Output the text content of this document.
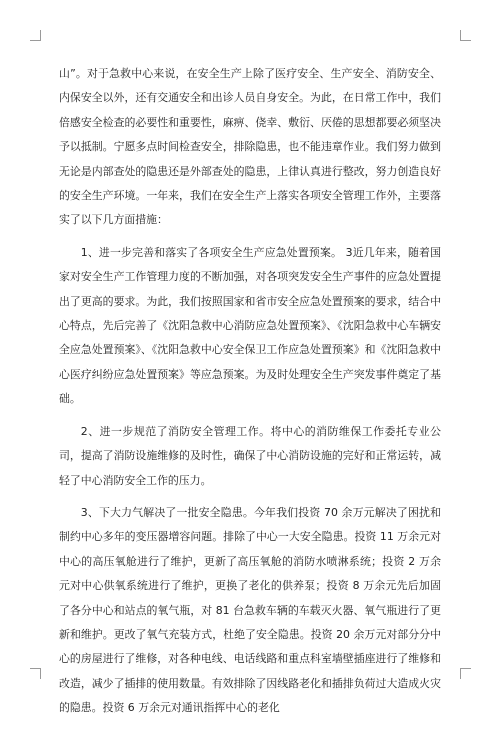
山”。对于急救中心来说，在安全生产上除了医疗安全、生产安全、消防安全、内保安全以外，还有交通安全和出诊人员自身安全。为此，在日常工作中，我们倍感安全检查的必要性和重要性，麻痹、侥幸、敷衍、厌倦的思想都要必须坚决予以抵制。宁愿多点时间检查安全，排除隐患，也不能违章作业。我们努力做到无论是内部查处的隐患还是外部查处的隐患，上律认真进行整改，努力创造良好的安全生产环境。一年来，我们在安全生产上落实各项安全管理工作外，主要落实了以下几方面措施：

1、进一步完善和落实了各项安全生产应急处置预案。 3近几年来，随着国家对安全生产工作管理力度的不断加强，对各项突发安全生产事件的应急处置提出了更高的要求。为此，我们按照国家和省市安全应急处置预案的要求，结合中心特点，先后完善了《沈阳急救中心消防应急处置预案》、《沈阳急救中心车辆安全应急处置预案》、《沈阳急救中心安全保卫工作应急处置预案》和《沈阳急救中心医疗纠纷应急处置预案》等应急预案。为及时处理安全生产突发事件奠定了基础。

2、进一步规范了消防安全管理工作。将中心的消防维保工作委托专业公司，提高了消防设施维修的及时性，确保了中心消防设施的完好和正常运转，减轻了中心消防安全工作的压力。

3、下大力气解决了一批安全隐患。今年我们投资 70 余万元解决了困扰和制约中心多年的变压器增容问题。排除了中心一大安全隐患。投资 11 万余元对中心的高压氧舱进行了维护，更新了高压氧舱的消防水喷淋系统；投资 2 万余元对中心供氧系统进行了维护，更换了老化的供养泵；投资 8 万余元先后加固了各分中心和站点的氧气瓶，对 81 台急救车辆的车载灭火器、氧气瓶进行了更新和维护。更改了氧气充装方式，杜绝了安全隐患。投资 20 余万元对部分分中心的房屋进行了维修，对各种电线、电话线路和重点科室墙壁插座进行了维修和改造，减少了插排的使用数量。有效排除了因线路老化和插排负荷过大造成火灾的隐患。投资 6 万余元对通讯指挥中心的老化
